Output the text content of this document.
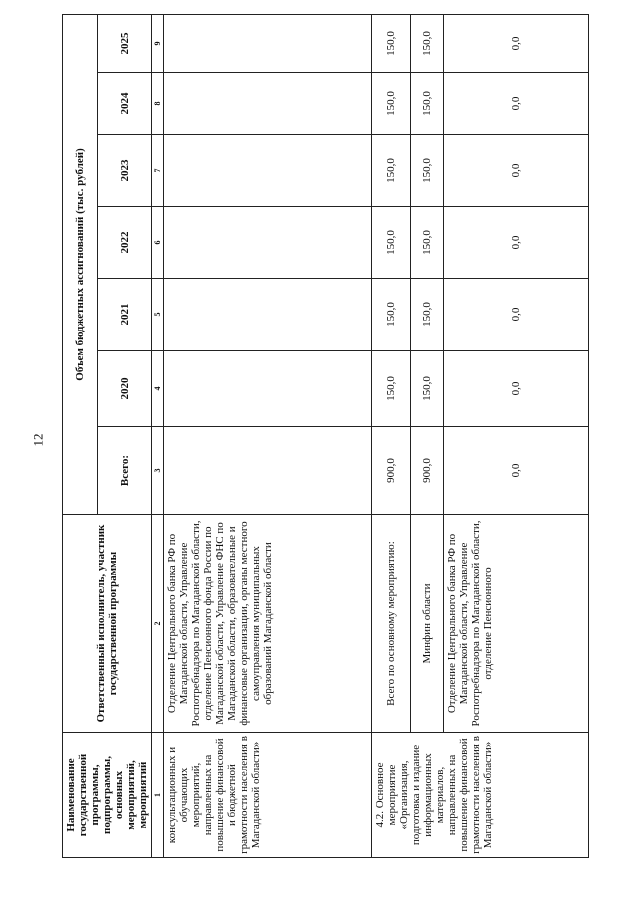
12
Наименование государственной программы, подпрограммы, основных мероприятий, мероприятий	Ответственный исполнитель, участник государственной программы	Объем бюджетных ассигнований (тыс. рублей)						
		Всего:	2020	2021	2022	2023	2024	2025
1	2	3	4	5	6	7	8	9
консультационных и обучающих мероприятий, направленных на повышение финансовой и бюджетной грамотности населения в Магаданской области»	Отделение Центрального банка РФ по Магаданской области, Управление Роспотребнадзора по Магаданской области, отделение Пенсионного фонда России по Магаданской области, Управление ФНС по Магаданской области, образовательные и финансовые организации, органы местного самоуправления муниципальных образований Магаданской области							
4.2. Основное мероприятие «Организация, подготовка и издание информационных материалов, направленных на повышение финансовой грамотности населения в Магаданской области»	Всего по основному мероприятию:	900,0	150,0	150,0	150,0	150,0	150,0	150,0
	Минфин области	900,0	150,0	150,0	150,0	150,0	150,0	150,0
	Отделение Центрального банка РФ по Магаданской области, Управление Роспотребнадзора по Магаданской области, отделение Пенсионного	0,0	0,0	0,0	0,0	0,0	0,0	0,0
